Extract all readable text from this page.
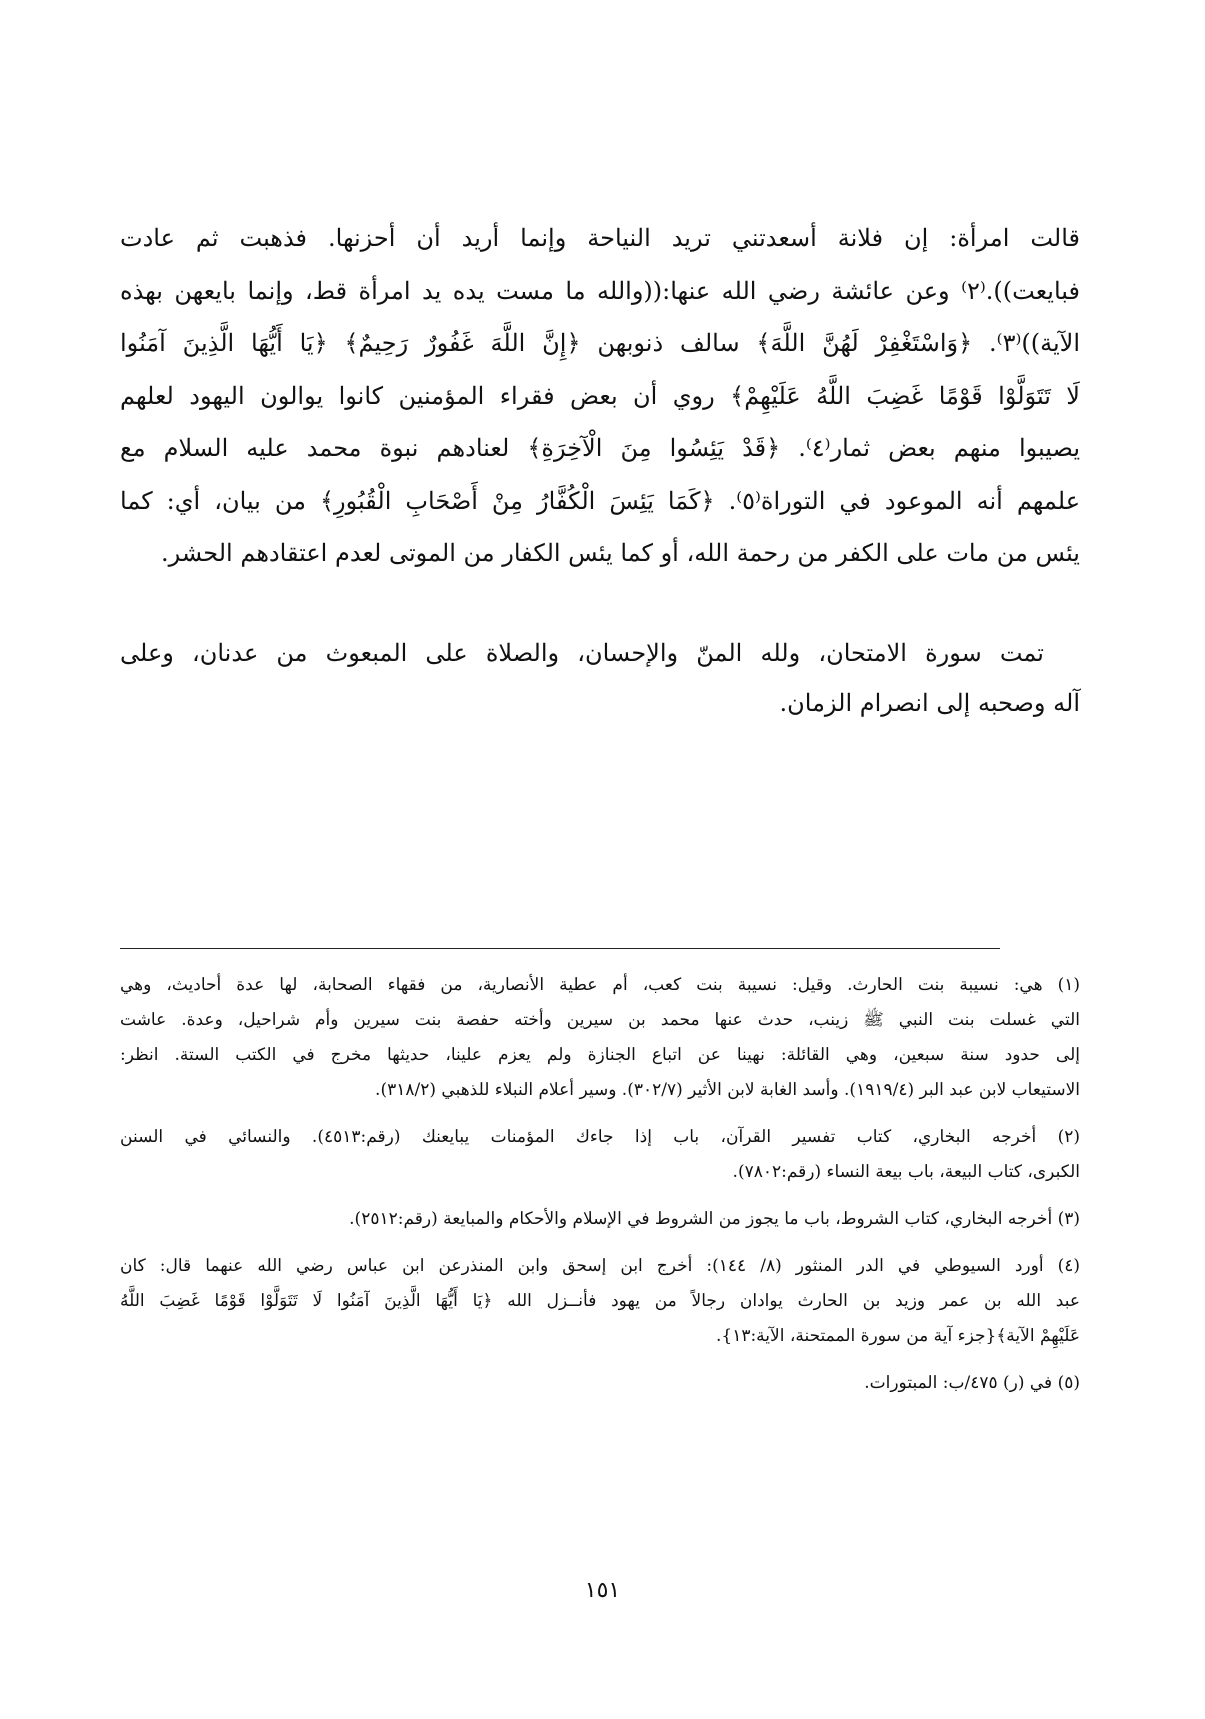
قالت امرأة: إن فلانة أسعدتني تريد النياحة وإنما أريد أن أحزنها. فذهبت ثم عادت
فبايعت)).⁽٢⁾ وعن عائشة رضي الله عنها:((والله ما مست يده يد امرأة قط، وإنما بايعهن بهذه
الآية))⁽٣⁾. ﴿وَاسْتَغْفِرْ لَهُنَّ اللَّهَ﴾ سالف ذنوبهن ﴿إِنَّ اللَّهَ غَفُورٌ رَحِيمٌ﴾ ﴿يَا أَيُّهَا الَّذِينَ آمَنُوا
لَا تَتَوَلَّوْا قَوْمًا غَضِبَ اللَّهُ عَلَيْهِمْ﴾ روي أن بعض فقراء المؤمنين كانوا يوالون اليهود لعلهم
يصيبوا منهم بعض ثمار⁽٤⁾. ﴿قَدْ يَئِسُوا مِنَ الْآخِرَةِ﴾ لعنادهم نبوة محمد عليه السلام مع
علمهم أنه الموعود في التوراة⁽٥⁾. ﴿كَمَا يَئِسَ الْكُفَّارُ مِنْ أَصْحَابِ الْقُبُورِ﴾ من بيان، أي: كما
يئس من مات على الكفر من رحمة الله، أو كما يئس الكفار من الموتى لعدم اعتقادهم الحشر.
تمت سورة الامتحان، ولله المنّ والإحسان، والصلاة على المبعوث من عدنان، وعلى
آله وصحبه إلى انصرام الزمان.
(١) هي: نسيبة بنت الحارث. وقيل: نسيبة بنت كعب، أم عطية الأنصارية، من فقهاء الصحابة، لها عدة أحاديث، وهي
التي غسلت بنت النبي ﷺ زينب، حدث عنها محمد بن سيرين وأخته حفصة بنت سيرين وأم شراحيل، وعدة. عاشت
إلى حدود سنة سبعين، وهي القائلة: نهينا عن اتباع الجنازة ولم يعزم علينا، حديثها مخرج في الكتب الستة. انظر:
الاستيعاب لابن عبد البر (١٩١٩/٤). وأسد الغابة لابن الأثير (٣٠٢/٧). وسير أعلام النبلاء للذهبي (٣١٨/٢).
(٢) أخرجه البخاري، كتاب تفسير القرآن، باب إذا جاءك المؤمنات يبايعنك (رقم:٤٥١٣). والنسائي في السنن
الكبرى، كتاب البيعة، باب بيعة النساء (رقم:٧٨٠٢).
(٣) أخرجه البخاري، كتاب الشروط، باب ما يجوز من الشروط في الإسلام والأحكام والمبايعة (رقم:٢٥١٢).
(٤) أورد السيوطي في الدر المنثور (٨/ ١٤٤): أخرج ابن إسحق وابن المنذرعن ابن عباس رضي الله عنهما قال: كان
عبد الله بن عمر وزيد بن الحارث يوادان رجالاً من يهود فأنــزل الله ﴿يَا أَيُّهَا الَّذِينَ آمَنُوا لَا تَتَوَلَّوْا قَوْمًا غَضِبَ اللَّهُ
عَلَيْهِمْ الآية﴾{جزء آية من سورة الممتحنة، الآية:١٣}.
(٥) في (ر) ٤٧٥/ب: المبتورات.
١٥١
